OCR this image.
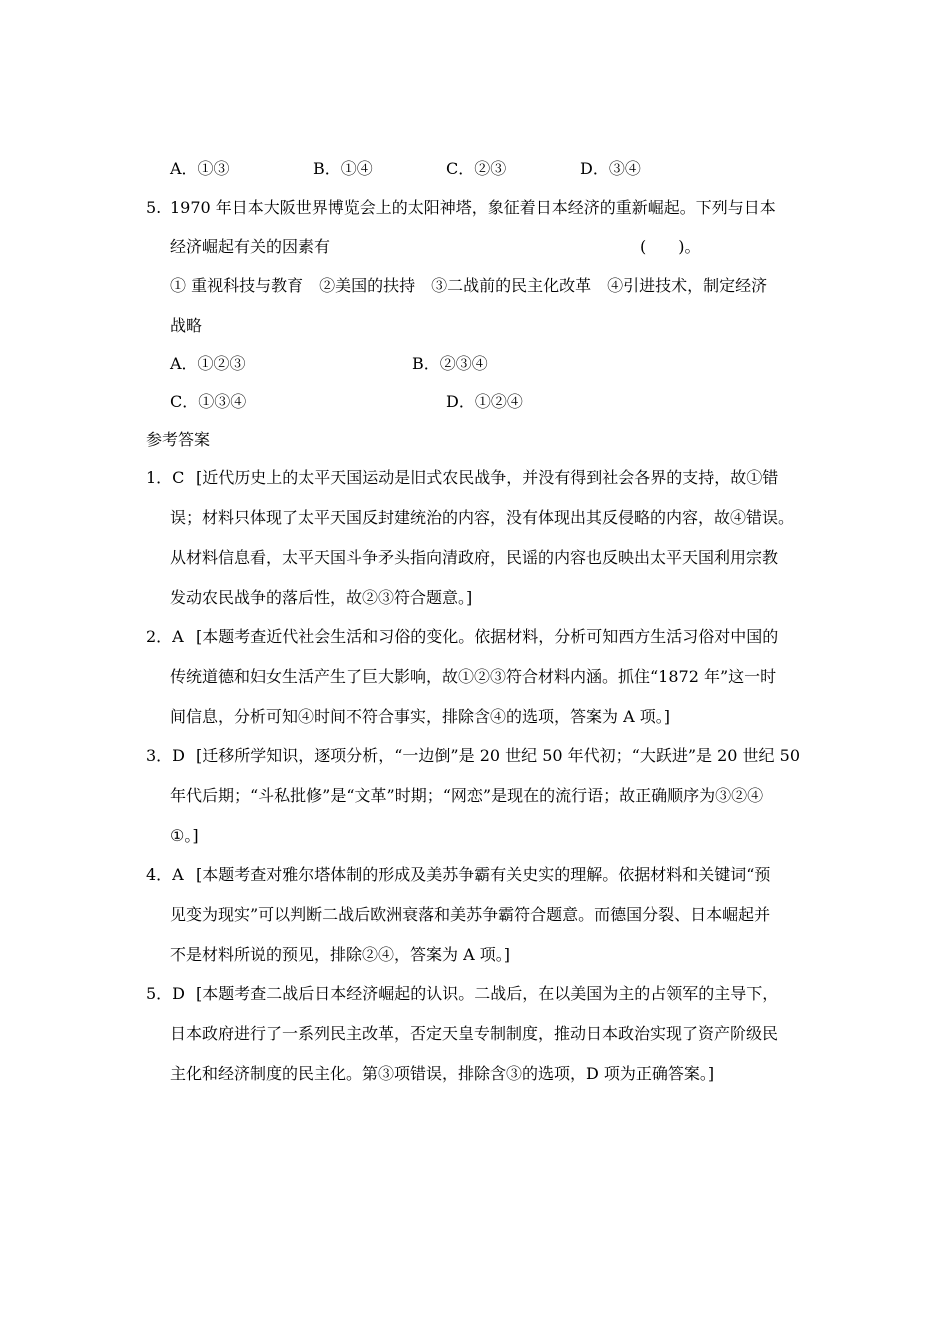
A．①③	B．①④	C．②③	D．③④
5. 1970 年日本大阪世界博览会上的太阳神塔，象征着日本经济的重新崛起。下列与日本
经济崛起有关的因素有	(　　)。
① 重视科技与教育　②美国的扶持　③二战前的民主化改革　④引进技术，制定经济
战略
A．①②③	B．②③④
C．①③④	D．①②④
参考答案
1．C [近代历史上的太平天国运动是旧式农民战争，并没有得到社会各界的支持，故①错
误；材料只体现了太平天国反封建统治的内容，没有体现出其反侵略的内容，故④错误。
从材料信息看，太平天国斗争矛头指向清政府，民谣的内容也反映出太平天国利用宗教
发动农民战争的落后性，故②③符合题意。]
2．A [本题考查近代社会生活和习俗的变化。依据材料，分析可知西方生活习俗对中国的
传统道德和妇女生活产生了巨大影响，故①②③符合材料内涵。抓住“1872 年”这一时
间信息，分析可知④时间不符合事实，排除含④的选项，答案为 A 项。]
3．D [迁移所学知识，逐项分析，“一边倒”是 20 世纪 50 年代初；“大跃进”是 20 世纪 50
年代后期；“斗私批修”是“文革”时期；“网恋”是现在的流行语；故正确顺序为③②④
①。]
4．A [本题考查对雅尔塔体制的形成及美苏争霸有关史实的理解。依据材料和关键词“预
见变为现实”可以判断二战后欧洲衰落和美苏争霸符合题意。而德国分裂、日本崛起并
不是材料所说的预见，排除②④，答案为 A 项。]
5．D [本题考查二战后日本经济崛起的认识。二战后，在以美国为主的占领军的主导下，
日本政府进行了一系列民主改革，否定天皇专制制度，推动日本政治实现了资产阶级民
主化和经济制度的民主化。第③项错误，排除含③的选项，D 项为正确答案。]
